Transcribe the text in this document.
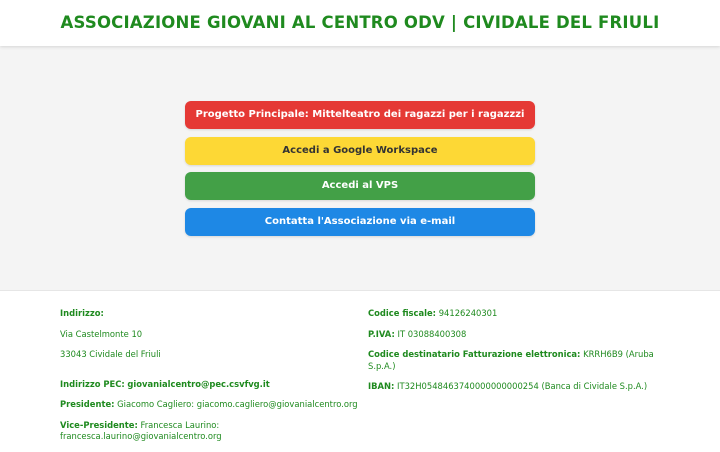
ASSOCIAZIONE GIOVANI AL CENTRO ODV | CIVIDALE DEL FRIULI
Progetto Principale: Mittelteatro dei ragazzi per i ragazzzi
Accedi a Google Workspace
Accedi al VPS
Contatta l'Associazione via e-mail
Indirizzo:
Via Castelmonte 10
33043 Cividale del Friuli
Indirizzo PEC: giovanialcentro@pec.csvfvg.it
Presidente: Giacomo Cagliero: giacomo.cagliero@giovanialcentro.org
Vice-Presidente: Francesca Laurino: francesca.laurino@giovanialcentro.org
Codice fiscale: 94126240301
P.IVA: IT 03088400308
Codice destinatario Fatturazione elettronica: KRRH6B9 (Aruba S.p.A.)
IBAN: IT32H0548463740000000000254 (Banca di Cividale S.p.A.)
